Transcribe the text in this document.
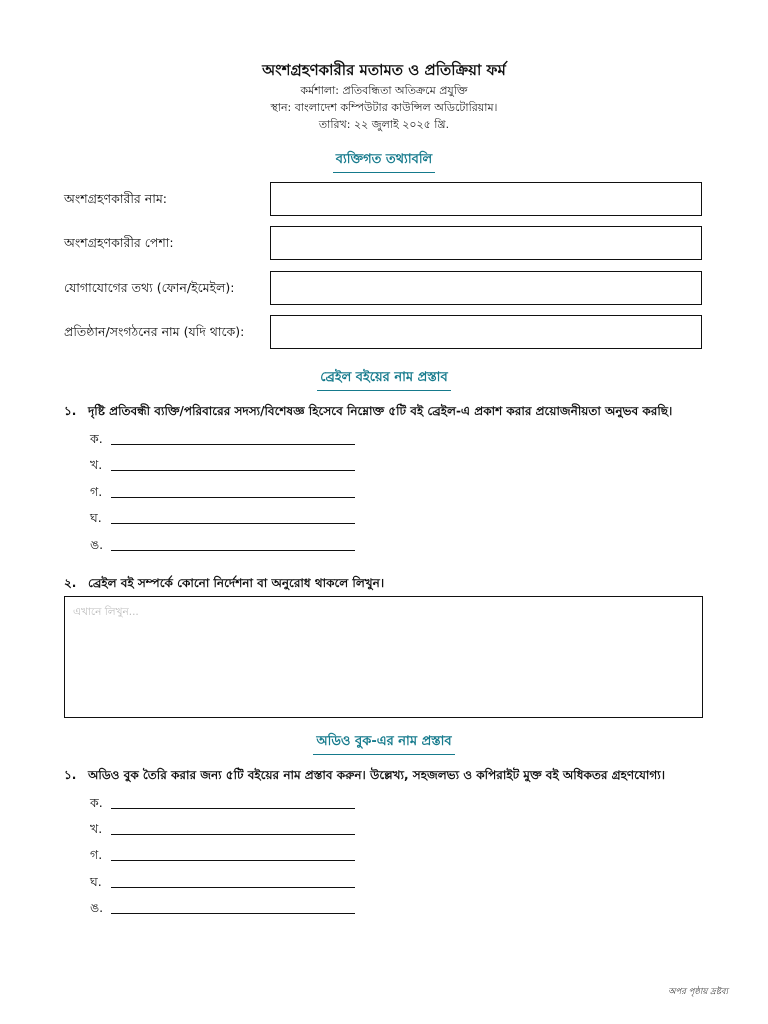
অংশগ্রহণকারীর মতামত ও প্রতিক্রিয়া ফর্ম
কর্মশালা: প্রতিবন্ধিতা অতিক্রমে প্রযুক্তি
স্থান: বাংলাদেশ কম্পিউটার কাউন্সিল অডিটোরিয়াম।
তারিখ: ২২ জুলাই ২০২৫ খ্রি.
ব্যক্তিগত তথ্যাবলি
অংশগ্রহণকারীর নাম:
অংশগ্রহণকারীর পেশা:
যোগাযোগের তথ্য (ফোন/ইমেইল):
প্রতিষ্ঠান/সংগঠনের নাম (যদি থাকে):
ব্রেইল বইয়ের নাম প্রস্তাব
১. দৃষ্টি প্রতিবন্ধী ব্যক্তি/পরিবারের সদস্য/বিশেষজ্ঞ হিসেবে নিম্নোক্ত ৫টি বই ব্রেইল-এ প্রকাশ করার প্রয়োজনীয়তা অনুভব করছি।
ক.
খ.
গ.
ঘ.
ঙ.
২. ব্রেইল বই সম্পর্কে কোনো নির্দেশনা বা অনুরোধ থাকলে লিখুন।
এখানে লিখুন...
অডিও বুক-এর নাম প্রস্তাব
১. অডিও বুক তৈরি করার জন্য ৫টি বইয়ের নাম প্রস্তাব করুন। উল্লেখ্য, সহজলভ্য ও কপিরাইট মুক্ত বই অধিকতর গ্রহণযোগ্য।
ক.
খ.
গ.
ঘ.
ঙ.
অপর পৃষ্ঠায় দ্রষ্টব্য
